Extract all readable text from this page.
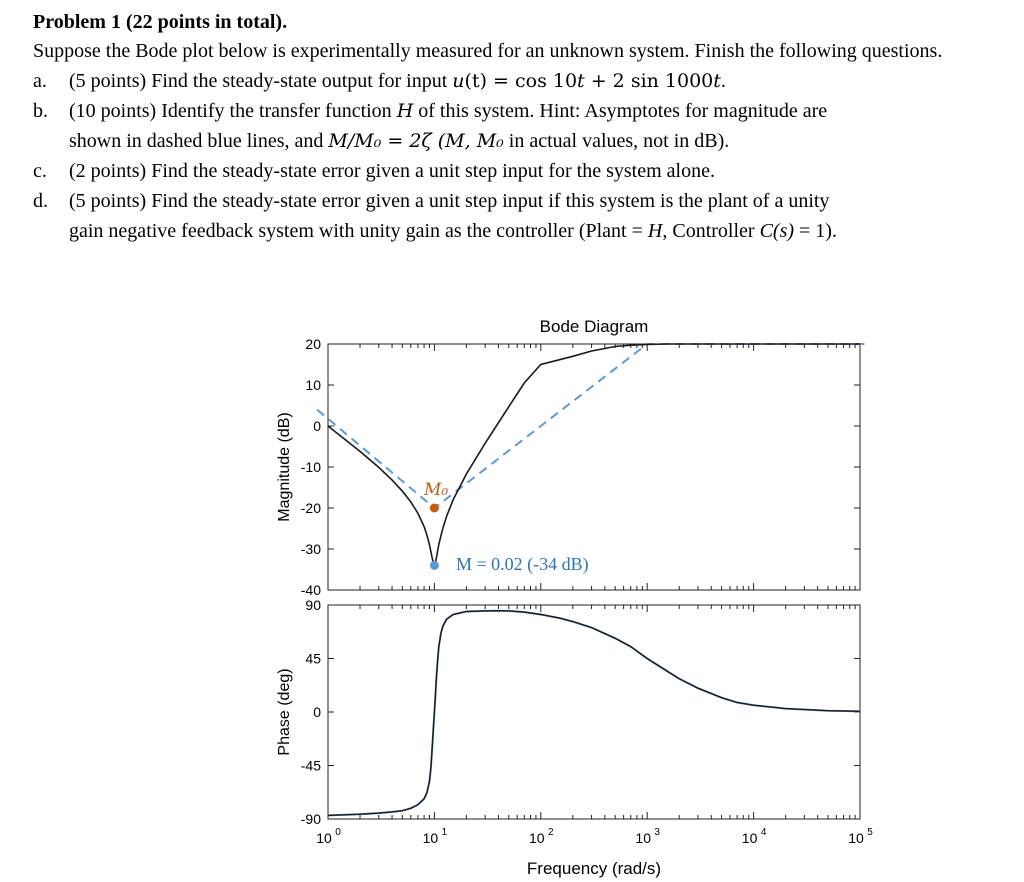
Problem 1 (22 points in total).

Suppose the Bode plot below is experimentally measured for an unknown system. Finish the following questions.

a. (5 points) Find the steady-state output for input u(t) = cos 10t + 2 sin 1000t.
b. (10 points) Identify the transfer function H of this system. Hint: Asymptotes for magnitude are
shown in dashed blue lines, and M/M₀ = 2ζ (M, M₀ in actual values, not in dB).
c. (2 points) Find the steady-state error given a unit step input for the system alone.
d. (5 points) Find the steady-state error given a unit step input if this system is the plant of a unity
gain negative feedback system with unity gain as the controller (Plant = H, Controller C(s) = 1).
Bode Diagram
20
10
0
-10
-20
-30
-40
M₀
M = 0.02 (-34 dB)
Magnitude (dB)
90
45
0
-45
-90
Phase (deg)
10 0	10 1	10 2	10 3	10 4	10 5
Frequency (rad/s)
